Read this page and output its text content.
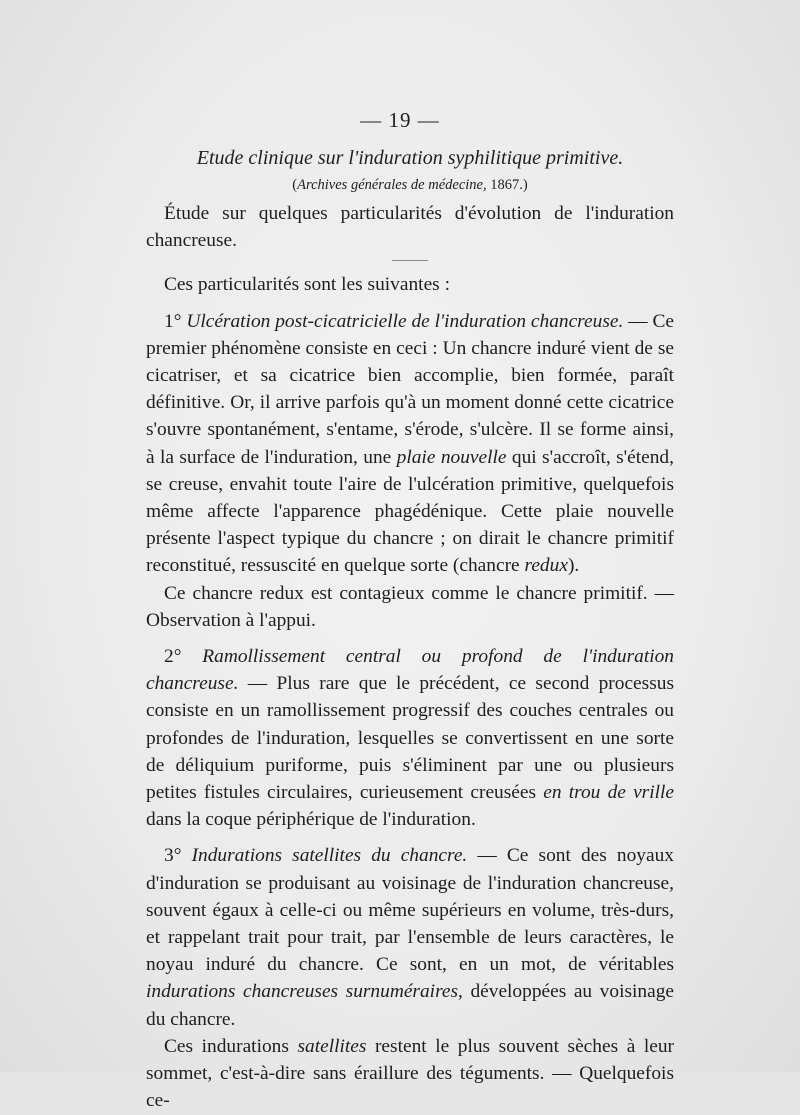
— 19 —
Etude clinique sur l'induration syphilitique primitive.
(Archives générales de médecine, 1867.)

Étude sur quelques particularités d'évolution de l'induration chancreuse.

Ces particularités sont les suivantes :

1° Ulcération post-cicatricielle de l'induration chancreuse. — Ce premier phénomène consiste en ceci : Un chancre induré vient de se cicatriser, et sa cicatrice bien accomplie, bien formée, paraît définitive. Or, il arrive parfois qu'à un moment donné cette cicatrice s'ouvre spontanément, s'entame, s'érode, s'ulcère. Il se forme ainsi, à la surface de l'induration, une plaie nouvelle qui s'accroît, s'étend, se creuse, envahit toute l'aire de l'ulcération primitive, quelquefois même affecte l'apparence phagédénique. Cette plaie nouvelle présente l'aspect typique du chancre ; on dirait le chancre primitif reconstitué, ressuscité en quelque sorte (chancre redux).

Ce chancre redux est contagieux comme le chancre primitif. — Observation à l'appui.

2° Ramollissement central ou profond de l'induration chancreuse. — Plus rare que le précédent, ce second processus consiste en un ramollissement progressif des couches centrales ou profondes de l'induration, lesquelles se convertissent en une sorte de déliquium puriforme, puis s'éliminent par une ou plusieurs petites fistules circulaires, curieusement creusées en trou de vrille dans la coque périphérique de l'induration.

3° Indurations satellites du chancre. — Ce sont des noyaux d'induration se produisant au voisinage de l'induration chancreuse, souvent égaux à celle-ci ou même supérieurs en volume, très-durs, et rappelant trait pour trait, par l'ensemble de leurs caractères, le noyau induré du chancre. Ce sont, en un mot, de véritables indurations chancreuses surnuméraires, développées au voisinage du chancre.

Ces indurations satellites restent le plus souvent sèches à leur sommet, c'est-à-dire sans éraillure des téguments. — Quelquefois ce-
